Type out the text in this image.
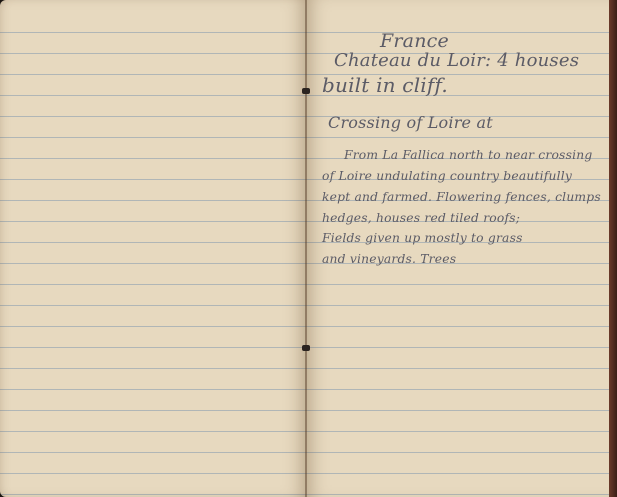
France
Chateau du Loir: 4 houses
built in cliff.
Crossing of Loire at
From La Fallica north to near crossing
of Loire undulating country beautifully
kept and farmed. Flowering fences, clumps
hedges, houses red tiled roofs;
Fields given up mostly to grass
and vineyards. Trees
